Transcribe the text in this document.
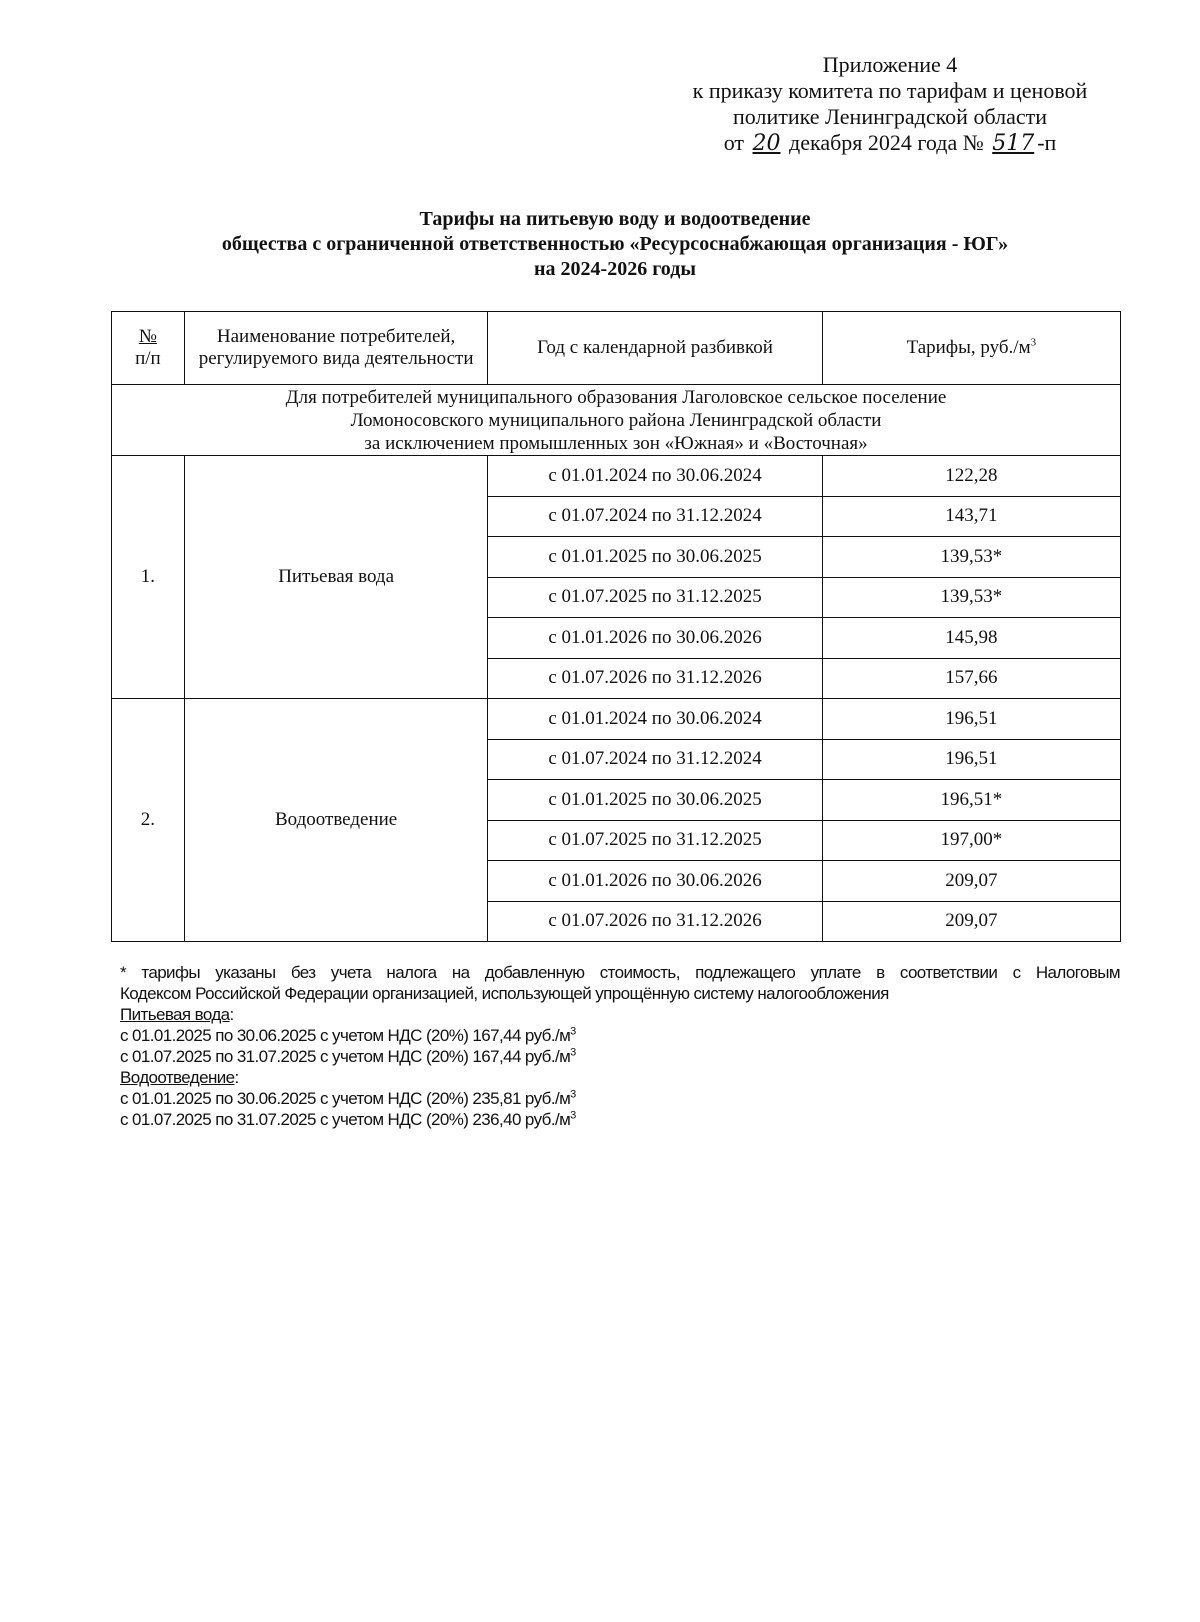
Приложение 4
к приказу комитета по тарифам и ценовой
политике Ленинградской области
от 20 декабря 2024 года № 517 -п
Тарифы на питьевую воду и водоотведение
общества с ограниченной ответственностью «Ресурсоснабжающая организация - ЮГ»
на 2024-2026 годы
№
п/п	Наименование потребителей, регулируемого вида деятельности	Год с календарной разбивкой	Тарифы, $руб./м^3$
Для потребителей муниципального образования Лаголовское сельское поселение
Ломоносовского муниципального района Ленинградской области
за исключением промышленных зон «Южная» и «Восточная»			
1.	Питьевая вода	с 01.01.2024 по 30.06.2024	122,28
		с 01.07.2024 по 31.12.2024	143,71
		с 01.01.2025 по 30.06.2025	139,53*
		с 01.07.2025 по 31.12.2025	139,53*
		с 01.01.2026 по 30.06.2026	145,98
		с 01.07.2026 по 31.12.2026	157,66
2.	Водоотведение	с 01.01.2024 по 30.06.2024	196,51
		с 01.07.2024 по 31.12.2024	196,51
		с 01.01.2025 по 30.06.2025	196,51*
		с 01.07.2025 по 31.12.2025	197,00*
		с 01.01.2026 по 30.06.2026	209,07
		с 01.07.2026 по 31.12.2026	209,07
* тарифы указаны без учета налога на добавленную стоимость, подлежащего уплате в соответствии с Налоговым
Кодексом Российской Федерации организацией, использующей упрощённую систему налогообложения
Питьевая вода:
с 01.01.2025 по 30.06.2025 с учетом НДС (20%) 167,44 $руб./м^3$
с 01.07.2025 по 31.07.2025 с учетом НДС (20%) 167,44 $руб./м^3$
Водоотведение:
с 01.01.2025 по 30.06.2025 с учетом НДС (20%) 235,81 $руб./м^3$
с 01.07.2025 по 31.07.2025 с учетом НДС (20%) 236,40 $руб./м^3$
